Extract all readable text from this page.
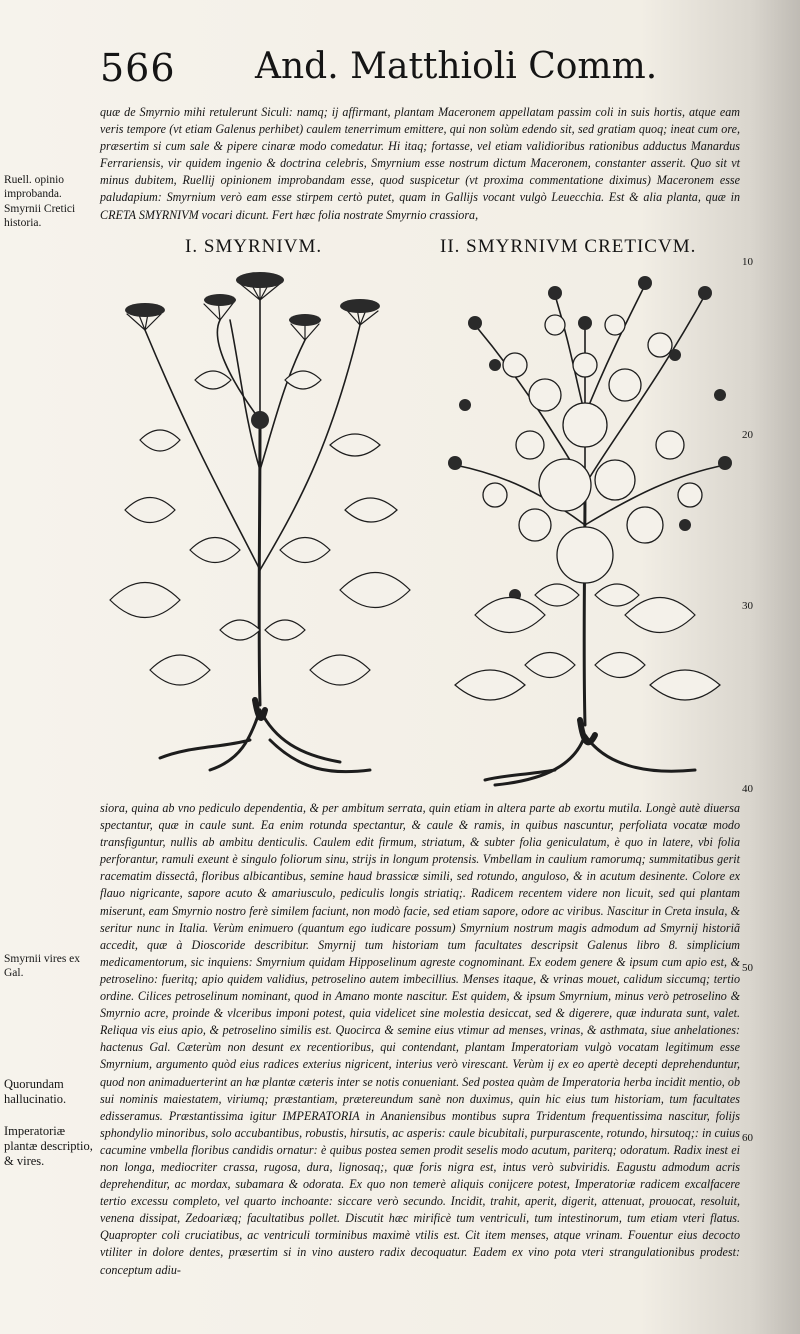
566 And. Matthioli Comm.

quæ de Smyrnio mihi retulerunt Siculi: namq; ij affirmant, plantam Maceronem appellatam passim coli in suis hortis, atque eam veris tempore (vt etiam Galenus perhibet) caulem tenerrimum emittere, qui non solùm edendo sit, sed gratiam quoq; ineat cum ore, præsertim si cum sale & pipere cinaræ modo comedatur. Hi itaq; fortasse, vel etiam validioribus rationibus adductus Manardus Ferrariensis, vir quidem ingenio & doctrina celebris, Smyrnium esse nostrum dictum Maceronem, constanter asserit. Quo sit vt minus dubitem, Ruellij opinionem improbandam esse, quod suspicetur (vt proxima commentatione diximus) Maceronem esse paludapium: Smyrnium verò eam esse stirpem certò putet, quam in Gallijs vocant vulgò Leuecchia. Est & alia planta, quæ in CRETA SMYRNIVM vocari dicunt. Fert hæc folia nostrate Smyrnio crassiora,

Ruell. opinio improbanda.

Smyrnii Cretici historia.

Smyrnii vires ex Gal.

Quorundam hallucinatio.

Imperatoriæ plantæ descriptio, & vires.

I. SMYRNIVM.	II. SMYRNIVM CRETICVM.

siora, quina ab vno pediculo dependentia, & per ambitum serrata, quin etiam in altera parte ab exortu mutila. Longè autè diuersa spectantur, quæ in caule sunt. Ea enim rotunda spectantur, & caule & ramis, in quibus nascuntur, perfoliata vocatæ modo transfiguntur, nullis ab ambitu denticulis. Caulem edit firmum, striatum, & subter folia geniculatum, è quo in latere, vbi folia perforantur, ramuli exeunt è singulo foliorum sinu, strijs in longum protensis. Vmbellam in caulium ramorumq; summitatibus gerit racematim dissectâ, floribus albicantibus, semine haud brassicæ simili, sed rotundo, anguloso, & in acutum desinente. Colore ex flauo nigricante, sapore acuto & amariusculo, pediculis longis striatiq;. Radicem recentem videre non licuit, sed qui plantam miserunt, eam Smyrnio nostro ferè similem faciunt, non modò facie, sed etiam sapore, odore ac viribus. Nascitur in Creta insula, & seritur nunc in Italia. Verùm enimuero (quantum ego iudicare possum) Smyrnium nostrum magis admodum ad Smyrnij historiã accedit, quæ à Dioscoride describitur. Smyrnij tum historiam tum facultates descripsit Galenus libro 8. simplicium medicamentorum, sic inquiens: Smyrnium quidam Hipposelinum agreste cognominant. Ex eodem genere & ipsum cum apio est, & petroselino: fueritq; apio quidem validius, petroselino autem imbecillius. Menses itaque, & vrinas mouet, calidum siccumq; tertio ordine. Cilices petroselinum nominant, quod in Amano monte nascitur. Est quidem, & ipsum Smyrnium, minus verò petroselino & Smyrnio acre, proinde & vlceribus imponi potest, quia videlicet sine molestia desiccat, sed & digerere, quæ indurata sunt, valet. Reliqua vis eius apio, & petroselino similis est. Quocirca & semine eius vtimur ad menses, vrinas, & asthmata, siue anhelationes: hactenus Gal. Cæterùm non desunt ex recentioribus, qui contendant, plantam Imperatoriam vulgò vocatam legitimum esse Smyrnium, argumento quòd eius radices exterius nigricent, interius verò virescant. Verùm ij ex eo apertè decepti deprehenduntur, quod non animaduerterint an hæ plantæ cæteris inter se notis conueniant. Sed postea quàm de Imperatoria herba incidit mentio, ob sui nominis maiestatem, viriumq; præstantiam, prætereundum sanè non duximus, quin hic eius tum historiam, tum facultates edisseramus. Præstantissima igitur IMPERATORIA in Ananiensibus montibus supra Tridentum frequentissima nascitur, folijs sphondylio minoribus, solo accubantibus, robustis, hirsutis, ac asperis: caule bicubitali, purpurascente, rotundo, hirsutoq;: in cuius cacumine vmbella floribus candidis ornatur: è quibus postea semen prodit seselis modo acutum, pariterq; odoratum. Radix inest ei non longa, mediocriter crassa, rugosa, dura, lignosaq;, quæ foris nigra est, intus verò subviridis. Eagustu admodum acris deprehenditur, ac mordax, subamara & odorata. Ex quo non temerè aliquis conijcere potest, Imperatoriæ radicem excalfacere tertio excessu completo, vel quarto inchoante: siccare verò secundo. Incidit, trahit, aperit, digerit, attenuat, prouocat, resoluit, venena dissipat, Zedoariæq; facultatibus pollet. Discutit hæc mirificè tum ventriculi, tum intestinorum, tum etiam vteri flatus. Quapropter coli cruciatibus, ac ventriculi torminibus maximè vtilis est. Cit item menses, atque vrinam. Fouentur eius decocto vtiliter in dolore dentes, præsertim si in vino austero radix decoquatur. Eadem ex vino pota vteri strangulationibus prodest: conceptum adiu-

10
20
30
40
50
60
